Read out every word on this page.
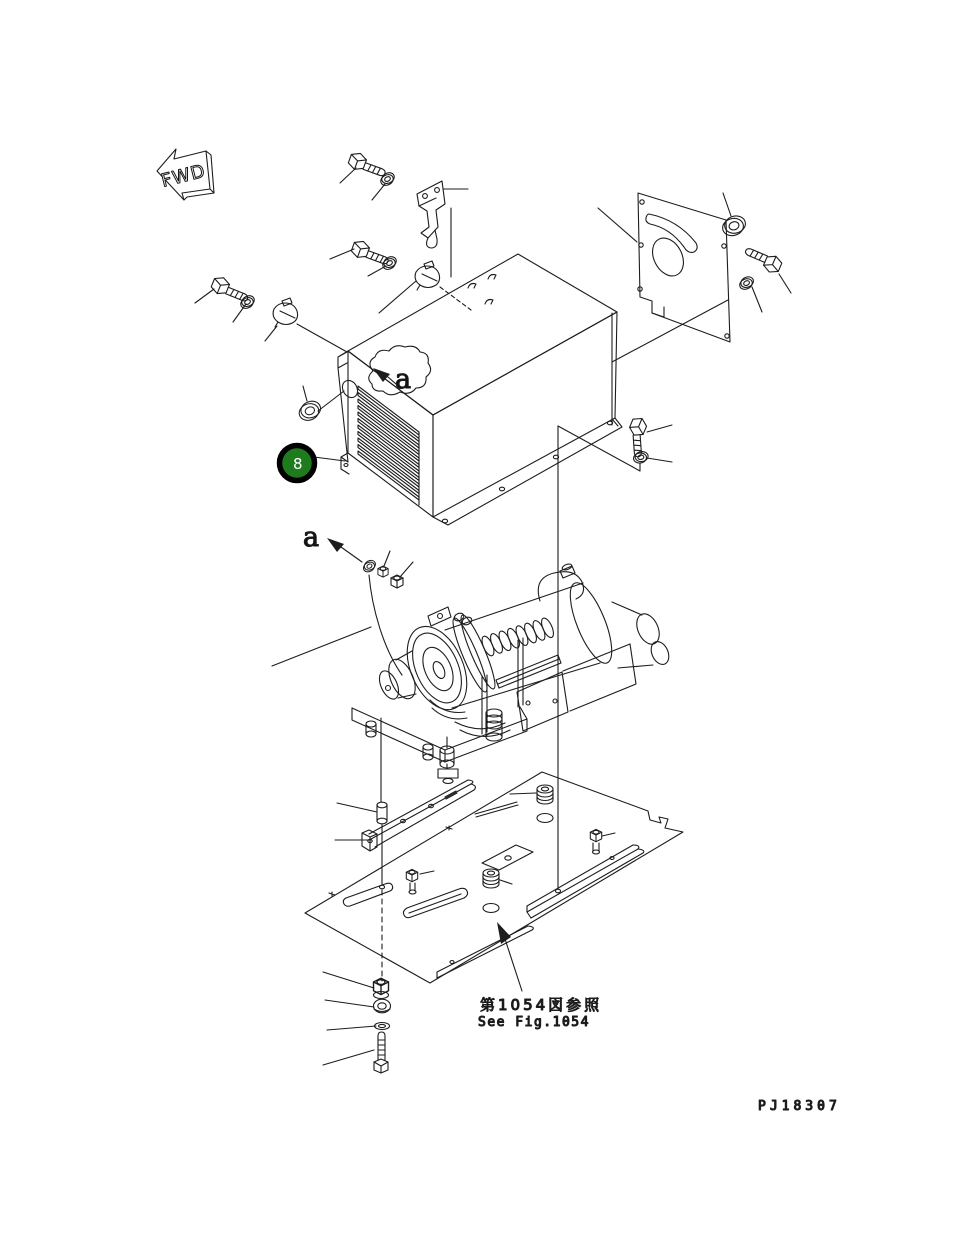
FWD
a
8
a
第1054図参照
See Fig.1054
PJ18307
